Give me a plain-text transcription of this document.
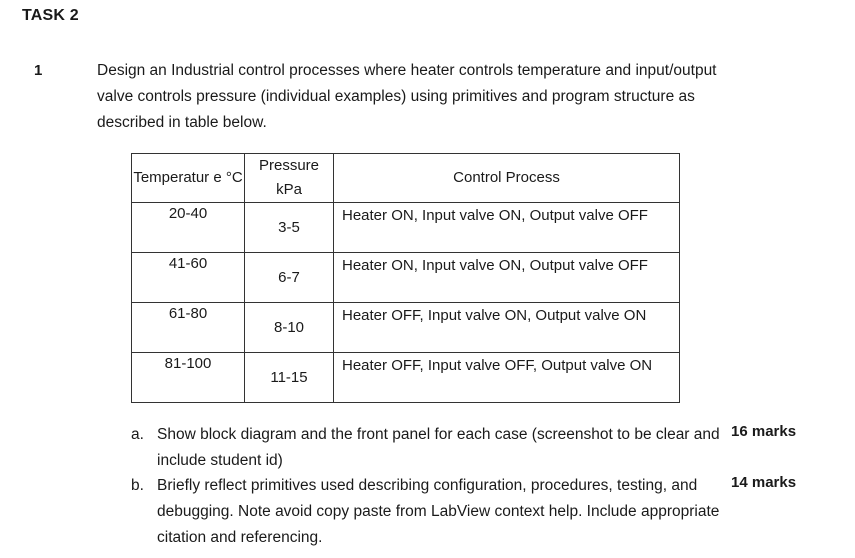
TASK 2
1	Design an Industrial control processes where heater controls temperature and input/output valve controls pressure (individual examples) using primitives and program structure as described in table below.
Temperatur e °C	Pressure kPa	Control Process
20-40	3-5	Heater ON, Input valve ON, Output valve OFF
41-60	6-7	Heater ON, Input valve ON, Output valve OFF
61-80	8-10	Heater OFF, Input valve ON, Output valve ON
81-100	11-15	Heater OFF, Input valve OFF, Output valve ON
a. Show block diagram and the front panel for each case (screenshot to be clear and include student id)
16 marks
b. Briefly reflect primitives used describing configuration, procedures, testing, and debugging. Note avoid copy paste from LabView context help. Include appropriate citation and referencing.
14 marks
